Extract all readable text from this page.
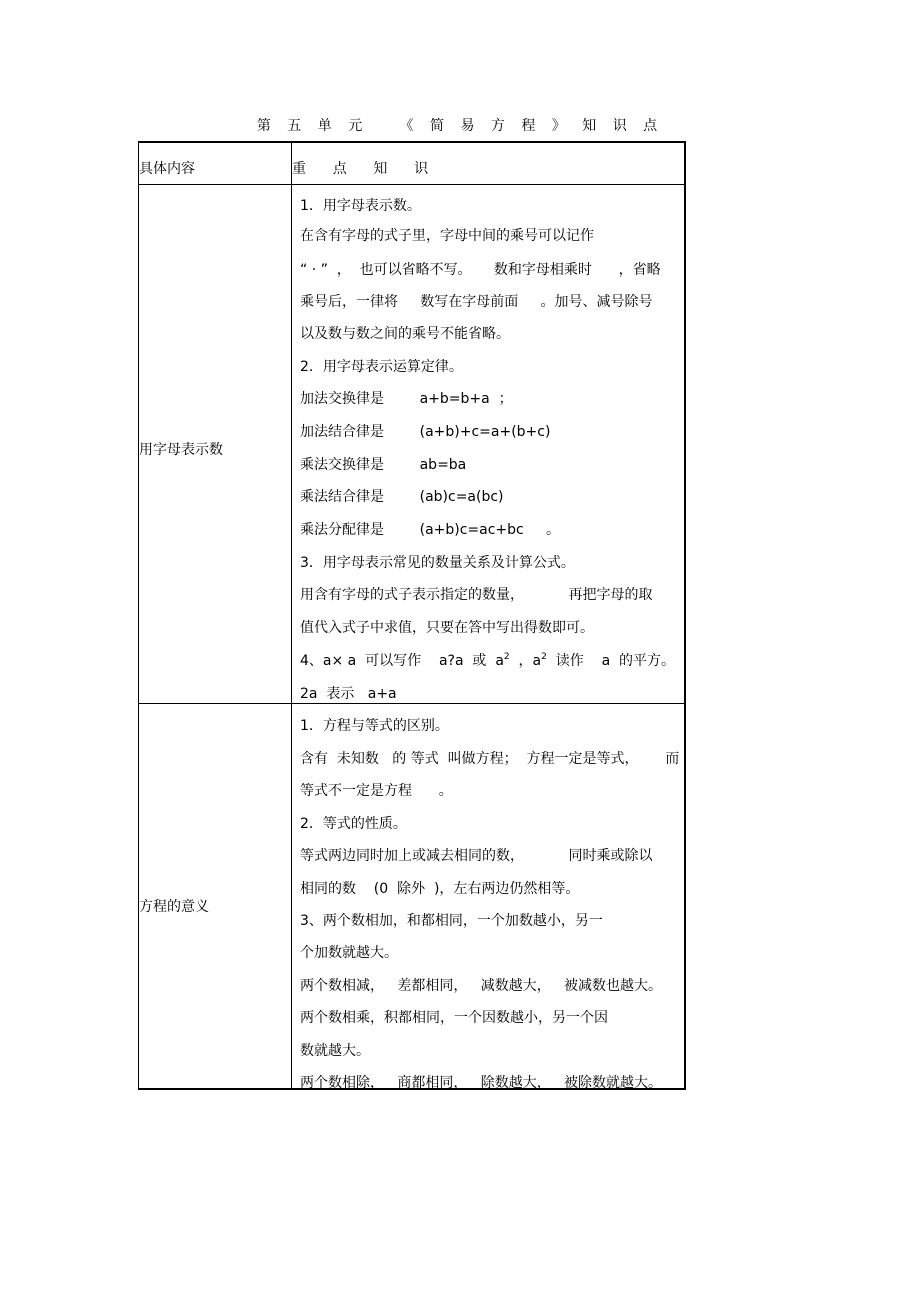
第 五 单 元   《 简 易 方 程 》 知 识 点
具体内容	重      点      知      识
用字母表示数
方程的意义
1．用字母表示数。
在含有字母的式子里，字母中间的乘号可以记作
“ · ”  ，  也可以省略不写。     数和字母相乘时      ，省略
乘号后，一律将     数写在字母前面     。加号、减号除号
以及数与数之间的乘号不能省略。
2．用字母表示运算定律。
加法交换律是        a+b=b+a  ；
加法结合律是        (a+b)+c=a+(b+c)
乘法交换律是        ab=ba
乘法结合律是        (ab)c=a(bc)
乘法分配律是        (a+b)c=ac+bc     。
3．用字母表示常见的数量关系及计算公式。
用含有字母的式子表示指定的数量，          再把字母的取
值代入式子中求值，只要在答中写出得数即可。
4、a× a  可以写作    a?a  或  $a^2$  ，$a^2$  读作    a  的平方。
2a  表示   a+a
1．方程与等式的区别。
含有  未知数   的 等式  叫做方程；  方程一定是等式，      而
等式不一定是方程      。
2．等式的性质。
等式两边同时加上或减去相同的数，          同时乘或除以
相同的数    (0  除外  )，左右两边仍然相等。
3、两个数相加，和都相同，一个加数越小，另一
个加数就越大。
两个数相减，   差都相同，   减数越大，   被减数也越大。
两个数相乘，积都相同，一个因数越小，另一个因
数就越大。
两个数相除，   商都相同，   除数越大，   被除数就越大。
